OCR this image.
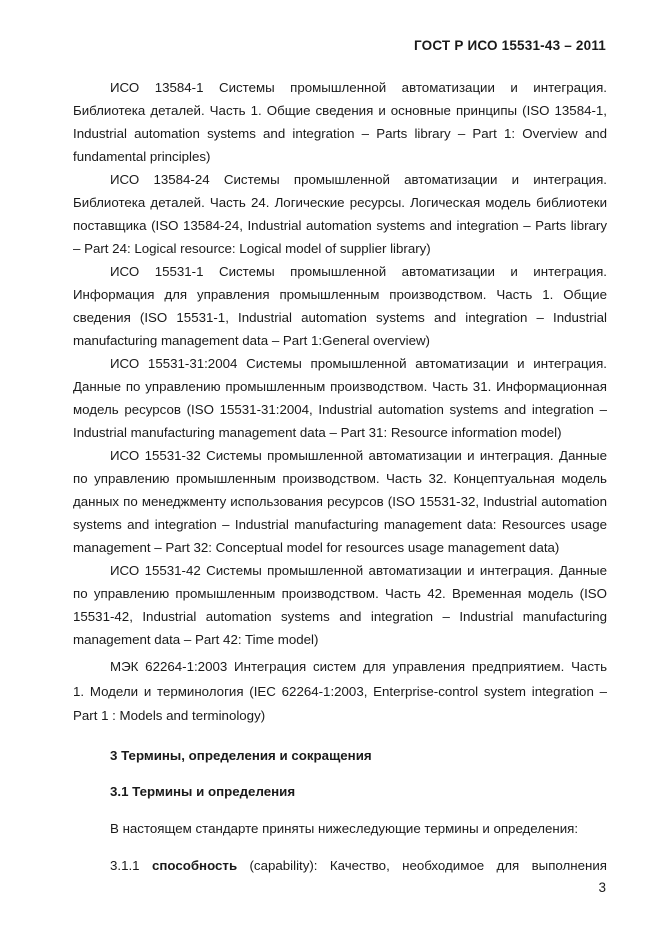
ГОСТ Р ИСО 15531-43 – 2011
ИСО 13584-1 Системы промышленной автоматизации и интеграция.
Библиотека деталей. Часть 1. Общие сведения и основные принципы (ISO 13584-1,
Industrial automation systems and integration – Parts library – Part 1: Overview and
fundamental principles)
ИСО 13584-24 Системы промышленной автоматизации и интеграция.
Библиотека деталей. Часть 24. Логические ресурсы. Логическая модель библиотеки
поставщика (ISO 13584-24, Industrial automation systems and integration – Parts library
– Part 24: Logical resource: Logical model of supplier library)
ИСО 15531-1 Системы промышленной автоматизации и интеграция.
Информация для управления промышленным производством. Часть 1. Общие
сведения (ISO 15531-1, Industrial automation systems and integration – Industrial
manufacturing management data – Part 1:General overview)
ИСО 15531-31:2004 Системы промышленной автоматизации и интеграция.
Данные по управлению промышленным производством. Часть 31. Информационная
модель ресурсов (ISO 15531-31:2004, Industrial automation systems and integration –
Industrial manufacturing management data – Part 31: Resource information model)
ИСО 15531-32 Системы промышленной автоматизации и интеграция. Данные
по управлению промышленным производством. Часть 32. Концептуальная модель
данных по менеджменту использования ресурсов (ISO 15531-32, Industrial automation
systems and integration – Industrial manufacturing management data: Resources usage
management – Part 32: Conceptual model for resources usage management data)
ИСО 15531-42 Системы промышленной автоматизации и интеграция. Данные
по управлению промышленным производством. Часть 42. Временная модель (ISO
15531-42, Industrial automation systems and integration – Industrial manufacturing
management data – Part 42: Time model)
МЭК 62264-1:2003 Интеграция систем для управления предприятием. Часть
1. Модели и терминология (IEC 62264-1:2003, Enterprise-control system integration –
Part 1 : Models and terminology)
3 Термины, определения и сокращения
3.1 Термины и определения
В настоящем стандарте приняты нижеследующие термины и определения:
3.1.1 способность (capability): Качество, необходимое для выполнения
3
